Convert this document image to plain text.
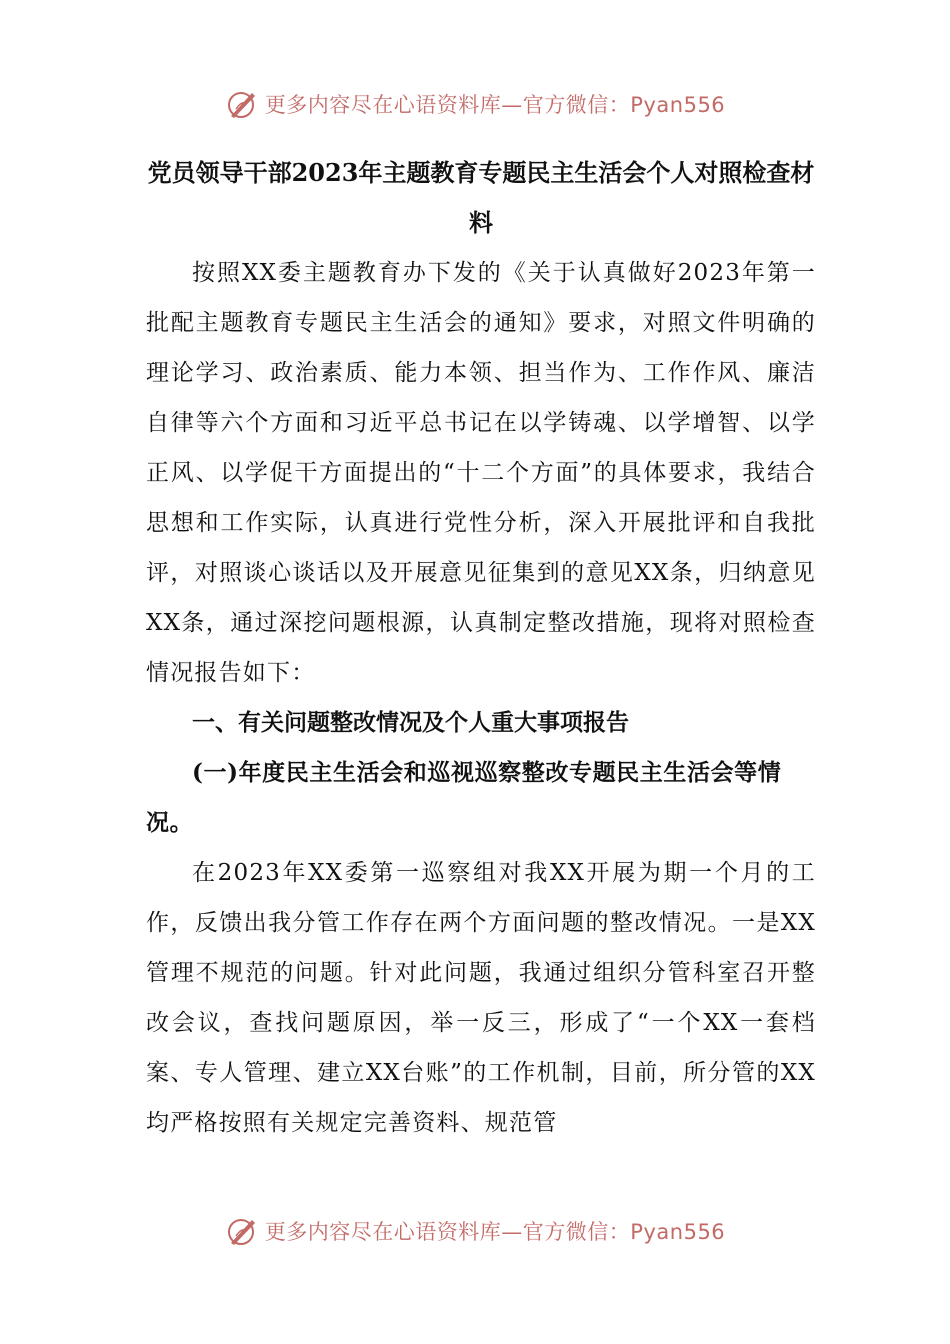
更多内容尽在心语资料库—官方微信：Pyan556
党员领导干部2023年主题教育专题民主生活会个人对照检查材料

按照XX委主题教育办下发的《关于认真做好2023年第一批配主题教育专题民主生活会的通知》要求，对照文件明确的理论学习、政治素质、能力本领、担当作为、工作作风、廉洁自律等六个方面和习近平总书记在以学铸魂、以学增智、以学正风、以学促干方面提出的“十二个方面”的具体要求，我结合思想和工作实际，认真进行党性分析，深入开展批评和自我批评，对照谈心谈话以及开展意见征集到的意见XX条，归纳意见XX条，通过深挖问题根源，认真制定整改措施，现将对照检查情况报告如下：

一、有关问题整改情况及个人重大事项报告

(一)年度民主生活会和巡视巡察整改专题民主生活会等情况。

在2023年XX委第一巡察组对我XX开展为期一个月的工作，反馈出我分管工作存在两个方面问题的整改情况。一是XX管理不规范的问题。针对此问题，我通过组织分管科室召开整改会议，查找问题原因，举一反三，形成了“一个XX一套档案、专人管理、建立XX台账”的工作机制，目前，所分管的XX均严格按照有关规定完善资料、规范管

更多内容尽在心语资料库—官方微信：Pyan556
